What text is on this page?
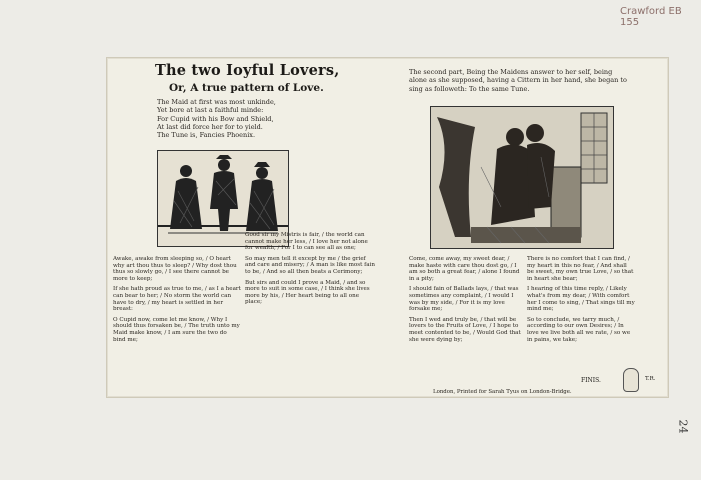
Crawford EB 155
24
The two Ioyful Lovers,
Or, A true pattern of Love.
The Maid at first was most unkinde,
Yet bore at last a faithful minde:
For Cupid with his Bow and Shield,
At last did force her for to yield.
The Tune is, Fancies Phoenix.
The second part, Being the Maidens answer to her self, being alone as she supposed, having a Cittern in her hand, she began to sing as followeth: To the same Tune.

Awake, awake from sleeping so, / O heart why art thou thus to sleep? / Why dost thou thus so slowly go, / I see there cannot be more to keep;

If she hath proud as true to me, / as I a heart can bear to her; / No storm the world can have to dry, / my heart is settled in her breast:

O Cupid now, come let me know, / Why I should thus forsaken be, / The truth unto my Maid make know, / I am sure the two do bind me;

Good sir my Mistris is fair, / the world can cannot make her less, / I love her not alone for wealth, / For I to can see all as one;

So may men tell it except by me / the grief and care and misery; / A man is like most fain to be, / And so all then beats a Cerimony;

But sirs and could I prove a Maid, / and so more to suit in some case, / I think she lives more by his, / Her heart being to all one place;

Come, come away, my sweet dear, / make haste with care thou dost go, / I am so both a great fear, / alone I found in a pity;

I should fain of Ballads lays, / that was sometimes any complaint, / I would I was by my side, / For it is my love forsake me;

Then I wed and truly be, / that will be lovers to the Fruits of Love, / I hope to meet contented to be, / Would God that she were dying by;

There is no comfort that I can find, / my heart in this no fear, / And shall be sweet, my own true Love, / so that in heart she bear;

I hearing of this time reply, / Likely what's from my dear, / With comfort her I come to sing, / That sings till my mind me;

So to conclude, we tarry much, / according to our own Desires; / In love we live both all we rate, / so we in pains, we take;

FINIS.	T.R.
London, Printed for Sarah Tyus on London-Bridge.
